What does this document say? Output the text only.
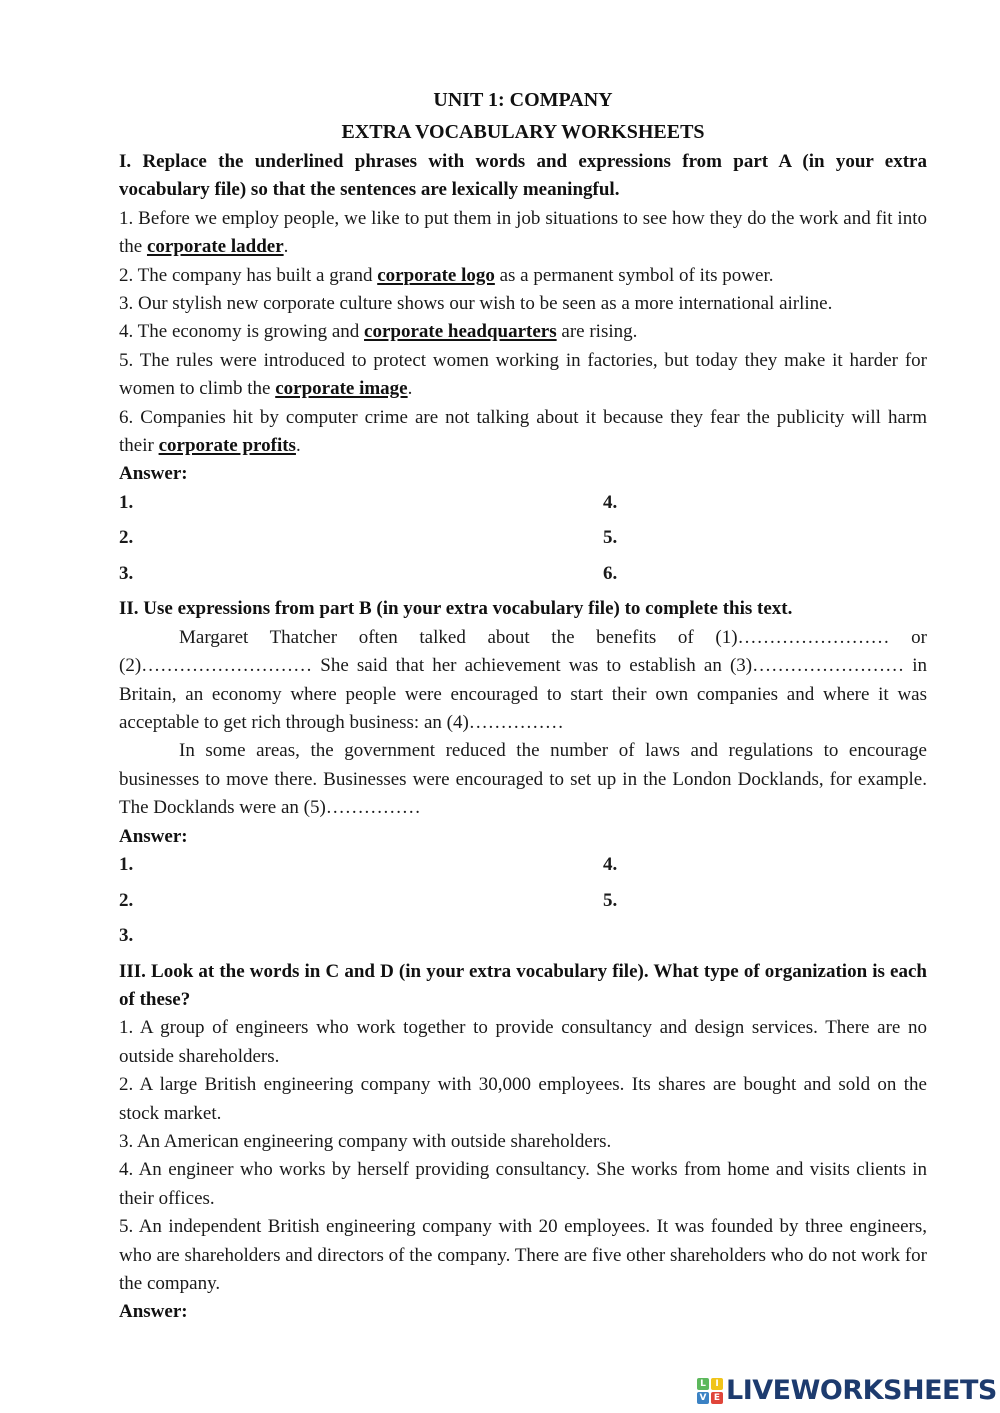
UNIT 1: COMPANY

EXTRA VOCABULARY WORKSHEETS

I. Replace the underlined phrases with words and expressions from part A (in your extra vocabulary file) so that the sentences are lexically meaningful.

1. Before we employ people, we like to put them in job situations to see how they do the work and fit into the corporate ladder.

2. The company has built a grand corporate logo as a permanent symbol of its power.

3. Our stylish new corporate culture shows our wish to be seen as a more international airline.

4. The economy is growing and corporate headquarters are rising.

5. The rules were introduced to protect women working in factories, but today they make it harder for women to climb the corporate image.

6. Companies hit by computer crime are not talking about it because they fear the publicity will harm their corporate profits.

Answer:

1.	4.
2.	5.
3.	6.

II. Use expressions from part B (in your extra vocabulary file) to complete this text.

Margaret Thatcher often talked about the benefits of (1)…………………… or (2)……………………… She said that her achievement was to establish an (3)…………………… in Britain, an economy where people were encouraged to start their own companies and where it was acceptable to get rich through business: an (4)……………

In some areas, the government reduced the number of laws and regulations to encourage businesses to move there. Businesses were encouraged to set up in the London Docklands, for example. The Docklands were an (5)……………

Answer:

1.	4.
2.	5.
3.

III. Look at the words in C and D (in your extra vocabulary file). What type of organization is each of these?

1. A group of engineers who work together to provide consultancy and design services. There are no outside shareholders.

2. A large British engineering company with 30,000 employees. Its shares are bought and sold on the stock market.

3. An American engineering company with outside shareholders.

4. An engineer who works by herself providing consultancy. She works from home and visits clients in their offices.

5. An independent British engineering company with 20 employees. It was founded by three engineers, who are shareholders and directors of the company. There are five other shareholders who do not work for the company.

Answer:

L	I
V E LIVEWORKSHEETS
